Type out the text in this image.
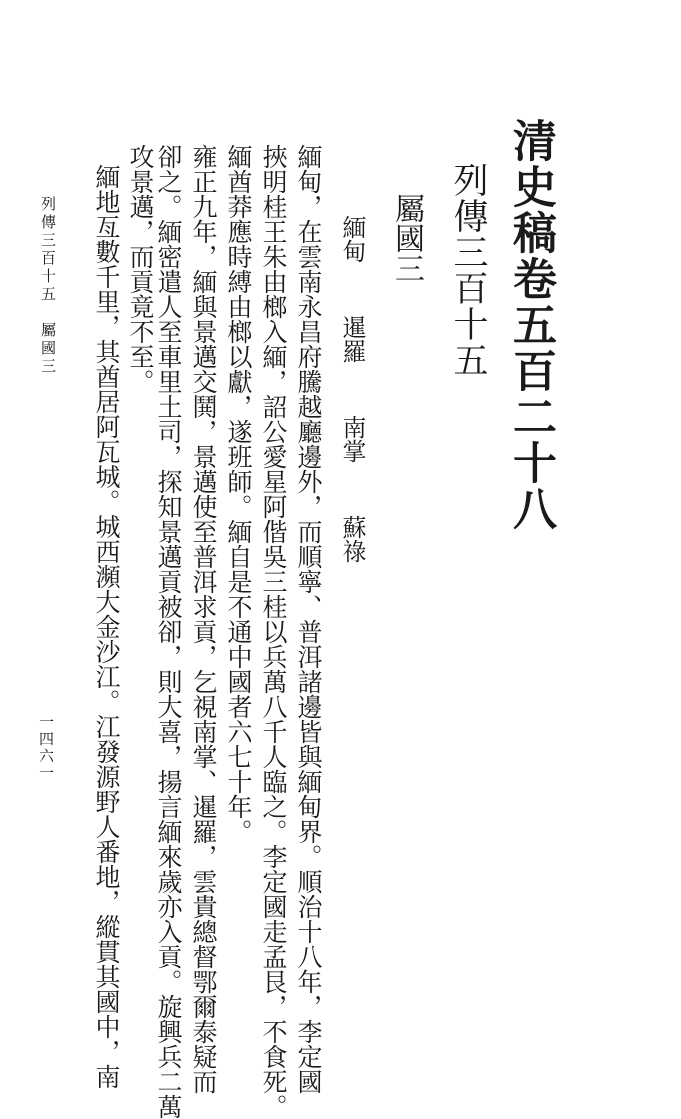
清史稿卷五百二十八
列傳三百十五
屬國三
緬甸 暹羅 南掌 蘇祿
緬甸，在雲南永昌府騰越廳邊外，而順寧、普洱諸邊皆與緬甸界。順治十八年，李定國
挾明桂王朱由榔入緬，詔公愛星阿偕吳三桂以兵萬八千人臨之。李定國走孟艮，不食死。
緬酋莽應時縛由榔以獻，遂班師。緬自是不通中國者六七十年。
雍正九年，緬與景邁交鬨，景邁使至普洱求貢，乞視南掌、暹羅，雲貴總督鄂爾泰疑而
卻之。緬密遣人至車里土司，探知景邁貢被卻，則大喜，揚言緬來歲亦入貢。旋興兵二萬
攻景邁，而貢竟不至。
緬地亙數千里，其酋居阿瓦城。城西瀕大金沙江。江發源野人番地，縱貫其國中，南
列傳三百十五　屬國三
一四六一
